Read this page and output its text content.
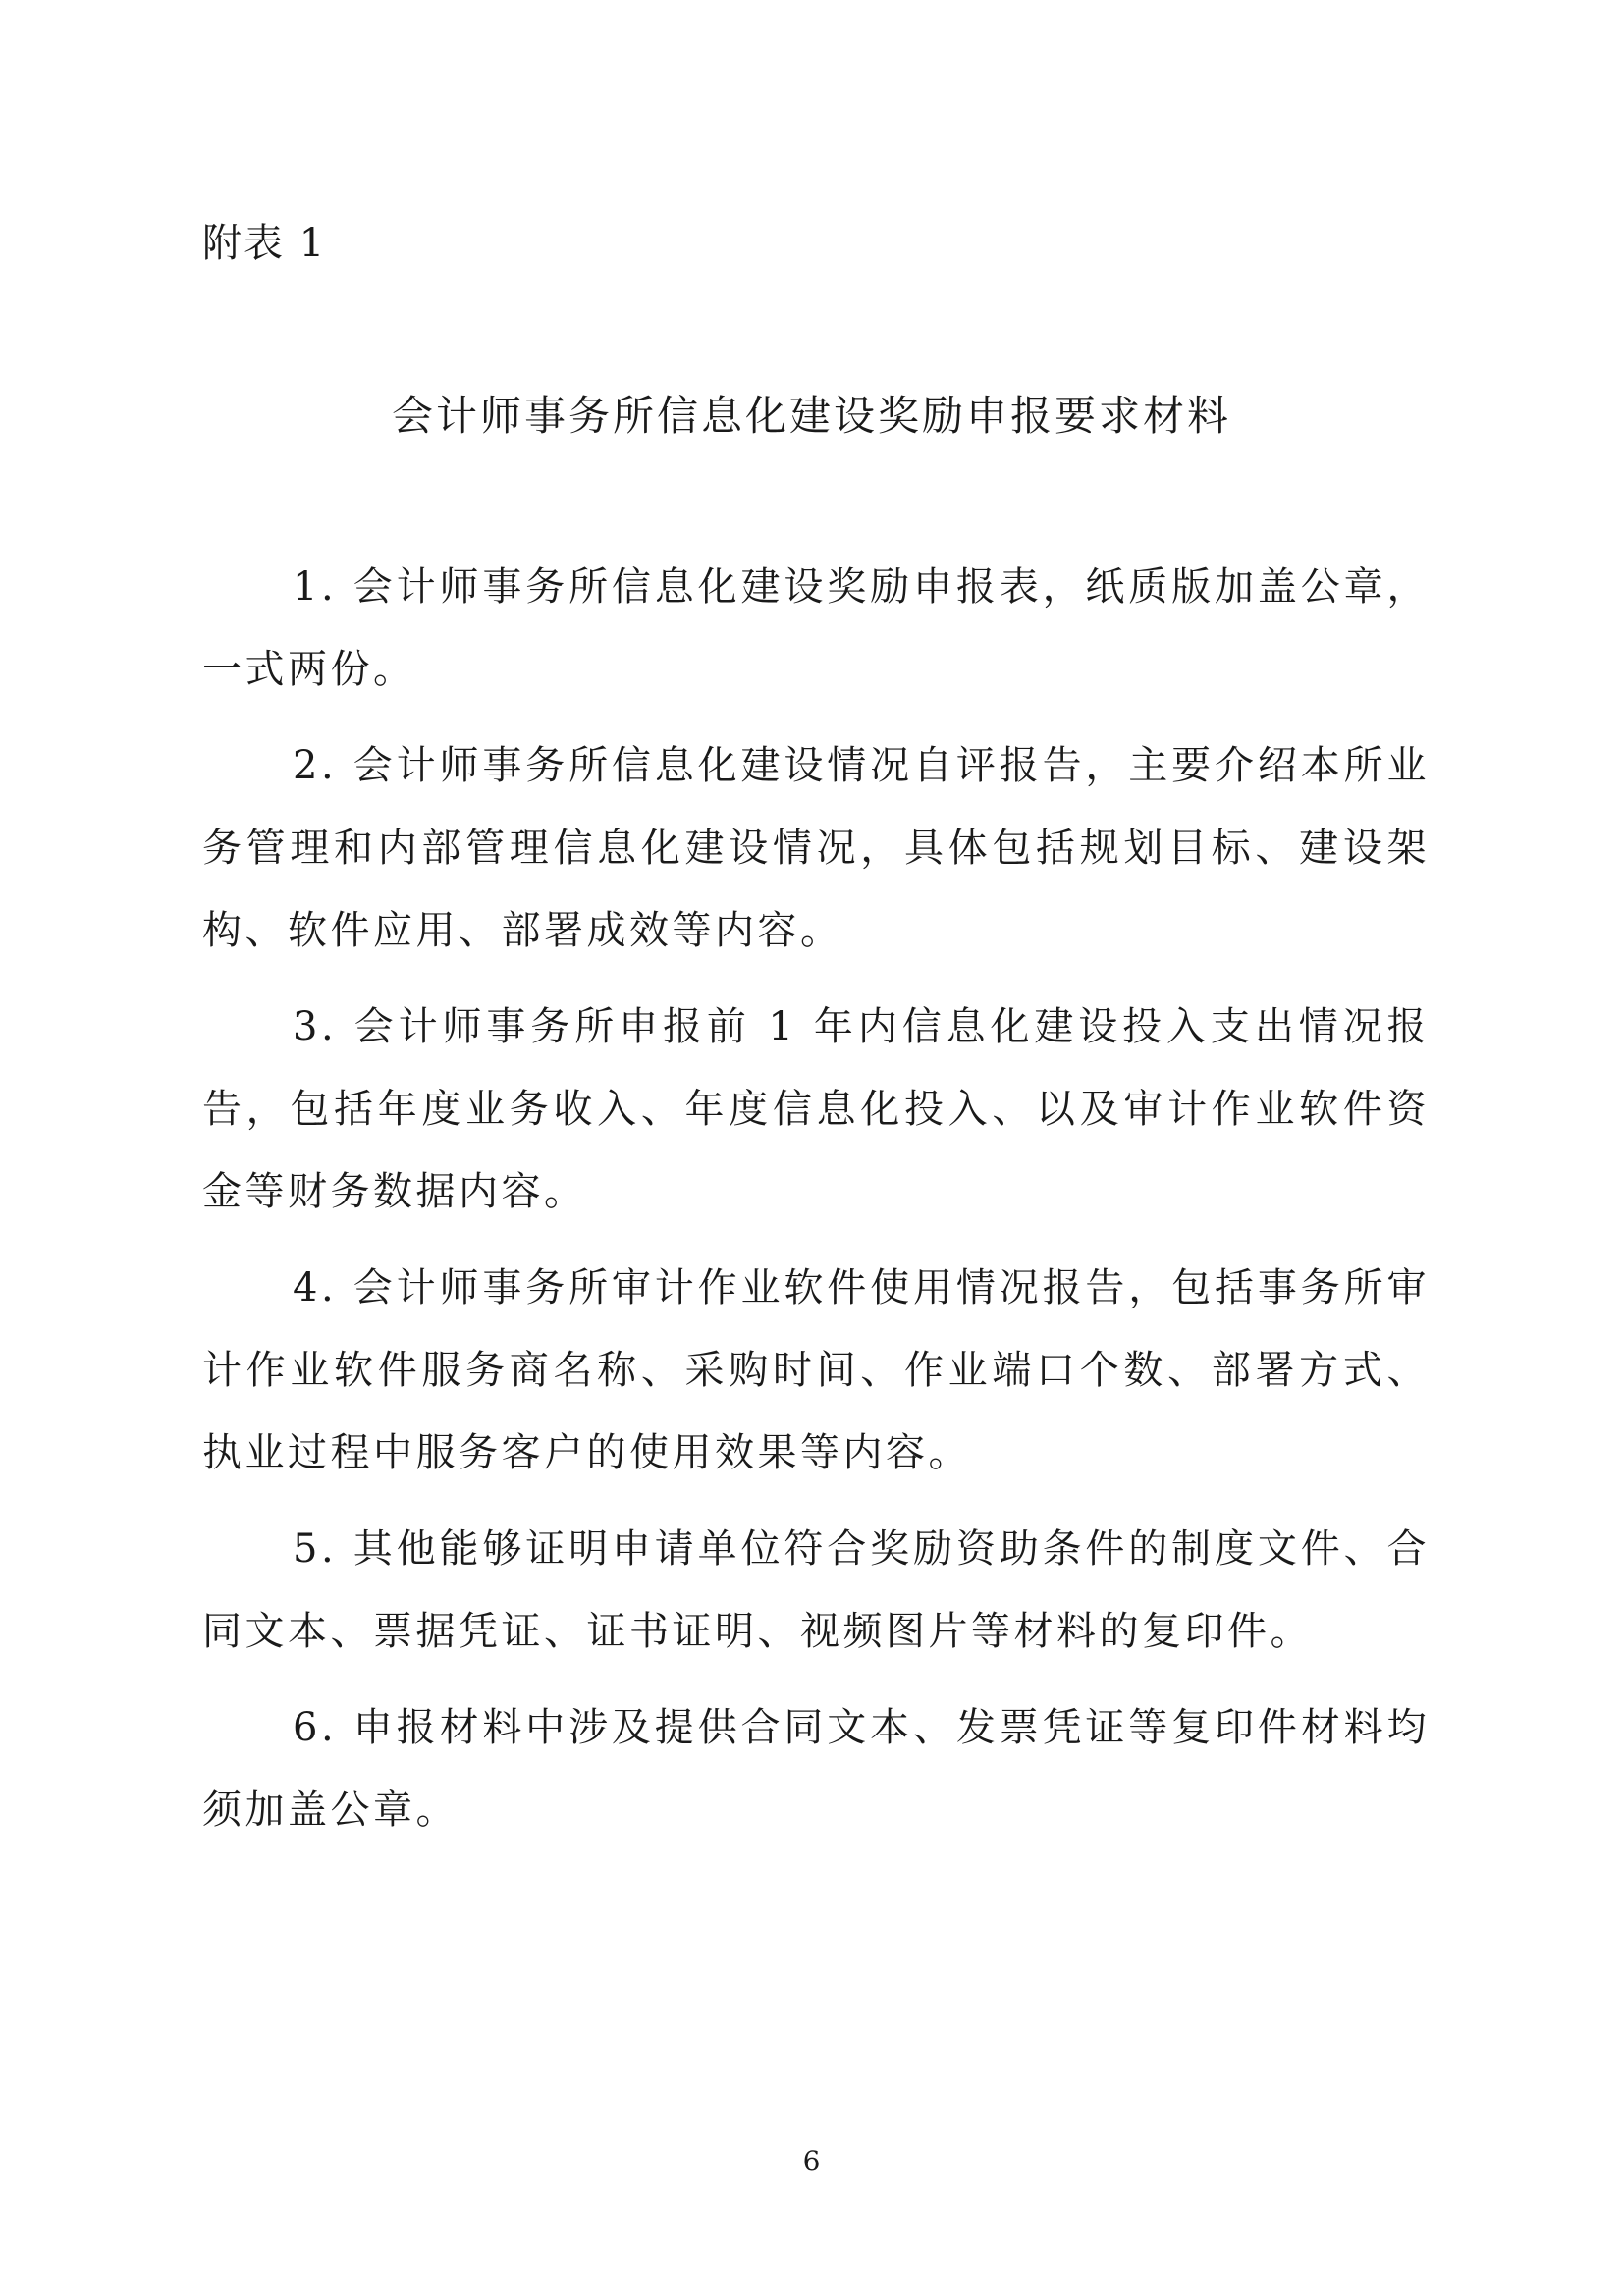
附表 1
会计师事务所信息化建设奖励申报要求材料

1. 会计师事务所信息化建设奖励申报表，纸质版加盖公章，一式两份。

2. 会计师事务所信息化建设情况自评报告，主要介绍本所业务管理和内部管理信息化建设情况，具体包括规划目标、建设架构、软件应用、部署成效等内容。

3. 会计师事务所申报前 1 年内信息化建设投入支出情况报告，包括年度业务收入、年度信息化投入、以及审计作业软件资金等财务数据内容。

4. 会计师事务所审计作业软件使用情况报告，包括事务所审计作业软件服务商名称、采购时间、作业端口个数、部署方式、执业过程中服务客户的使用效果等内容。

5. 其他能够证明申请单位符合奖励资助条件的制度文件、合同文本、票据凭证、证书证明、视频图片等材料的复印件。

6. 申报材料中涉及提供合同文本、发票凭证等复印件材料均须加盖公章。

6
